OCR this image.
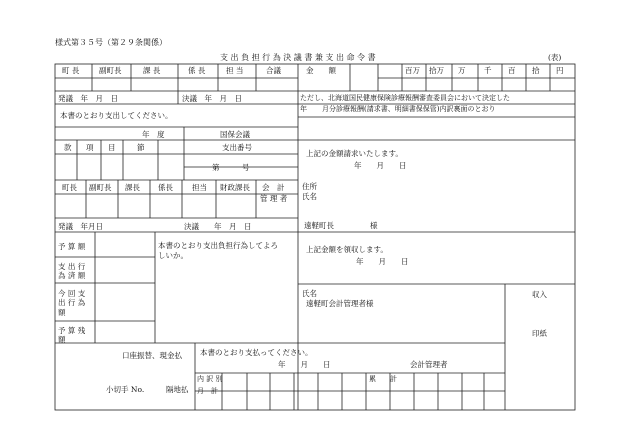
様式第３５号（第２９条関係）
支 出 負 担 行 為 決 議 書 兼 支 出 命 令 書	(表)
町 長	副町長	課 長	係 長	担 当	合議	金　　額	百万 拾万 万 千 百 拾 円
発議　年　月　日	決議　年　月　日	ただし、北海道国民健康保険診療報酬審査委員会において決定した
年 月分診療報酬(請求書、明細書保保管)内訳裏面のとおり
本書のとおり支出してください。
年　度	国保会議
款 項 目	節	支出番号
第　　　号
上記の金額請求いたします。
年　　月　　日
住所
氏名
遠軽町長	様
町長 副町長 課長 係長	担当 財政課長 会　計
管 理 者
発議　年月日	決議　　年　月　日
予 算 額
支 出 行 為 済 額
今 回 支 出 行 為 額
予 算 残 額
本書のとおり支出負担行為してよろ
しいか。
上記金額を領収します。
年　　月　　日
氏名
遠軽町会計管理者様
収入
印紙
口座振替、現金払
小切手 No.	隔地払
本書のとおり支払ってください。
年　　月　　日	会計管理者
内 訳 別
月　計
累　　計
